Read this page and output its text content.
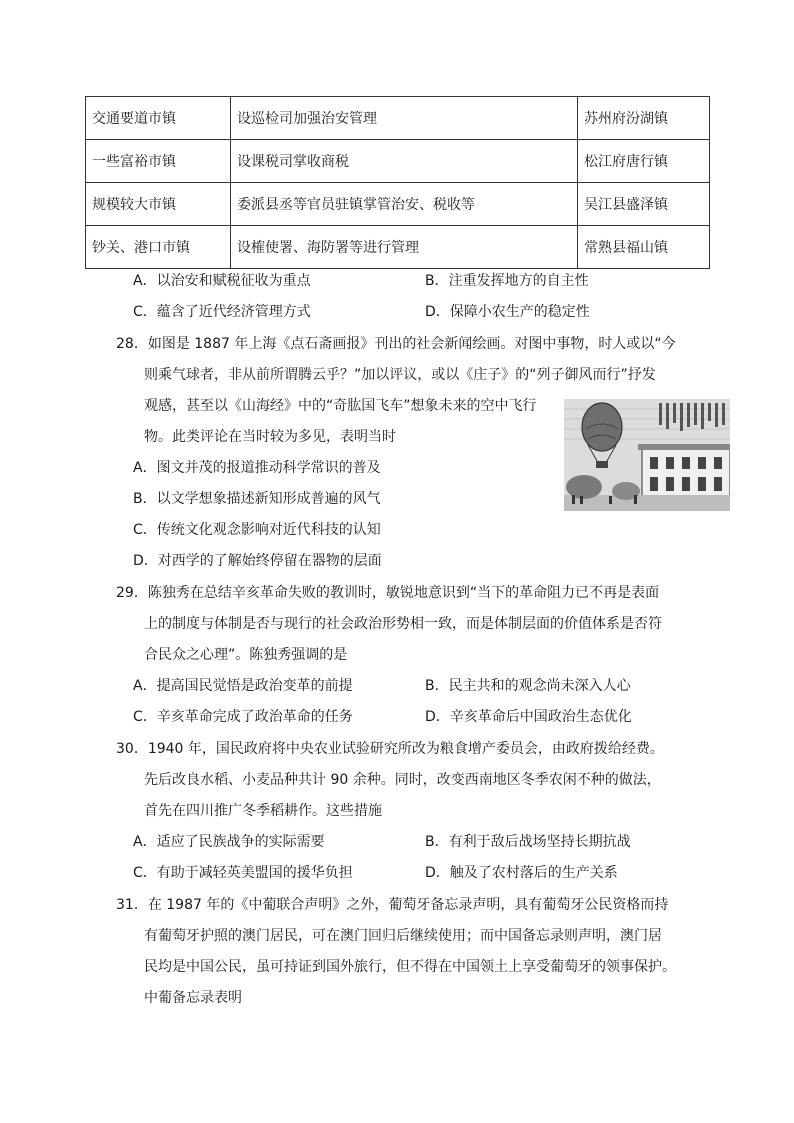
交通要道市镇	设巡检司加强治安管理	苏州府汾湖镇
一些富裕市镇	设课税司掌收商税	松江府唐行镇
规模较大市镇	委派县丞等官员驻镇掌管治安、税收等	吴江县盛泽镇
钞关、港口市镇	设榷使署、海防署等进行管理	常熟县福山镇
A．以治安和赋税征收为重点	B．注重发挥地方的自主性
C．蕴含了近代经济管理方式	D．保障小农生产的稳定性
28．如图是 1887 年上海《点石斋画报》刊出的社会新闻绘画。对图中事物，时人或以“今
则乘气球者，非从前所谓腾云乎？”加以评议，或以《庄子》的“列子御风而行”抒发
观感，甚至以《山海经》中的“奇肱国飞车”想象未来的空中飞行
物。此类评论在当时较为多见，表明当时
A．图文并茂的报道推动科学常识的普及
B．以文学想象描述新知形成普遍的风气
C．传统文化观念影响对近代科技的认知
D．对西学的了解始终停留在器物的层面
29．陈独秀在总结辛亥革命失败的教训时，敏锐地意识到“当下的革命阻力已不再是表面
上的制度与体制是否与现行的社会政治形势相一致，而是体制层面的价值体系是否符
合民众之心理”。陈独秀强调的是
A．提高国民觉悟是政治变革的前提	B．民主共和的观念尚未深入人心
C．辛亥革命完成了政治革命的任务	D．辛亥革命后中国政治生态优化
30．1940 年，国民政府将中央农业试验研究所改为粮食增产委员会，由政府拨给经费。
先后改良水稻、小麦品种共计 90 余种。同时，改变西南地区冬季农闲不种的做法，
首先在四川推广冬季稻耕作。这些措施
A．适应了民族战争的实际需要	B．有利于敌后战场坚持长期抗战
C．有助于减轻英美盟国的援华负担	D．触及了农村落后的生产关系
31．在 1987 年的《中葡联合声明》之外，葡萄牙备忘录声明，具有葡萄牙公民资格而持
有葡萄牙护照的澳门居民，可在澳门回归后继续使用；而中国备忘录则声明，澳门居
民均是中国公民，虽可持证到国外旅行，但不得在中国领土上享受葡萄牙的领事保护。
中葡备忘录表明
